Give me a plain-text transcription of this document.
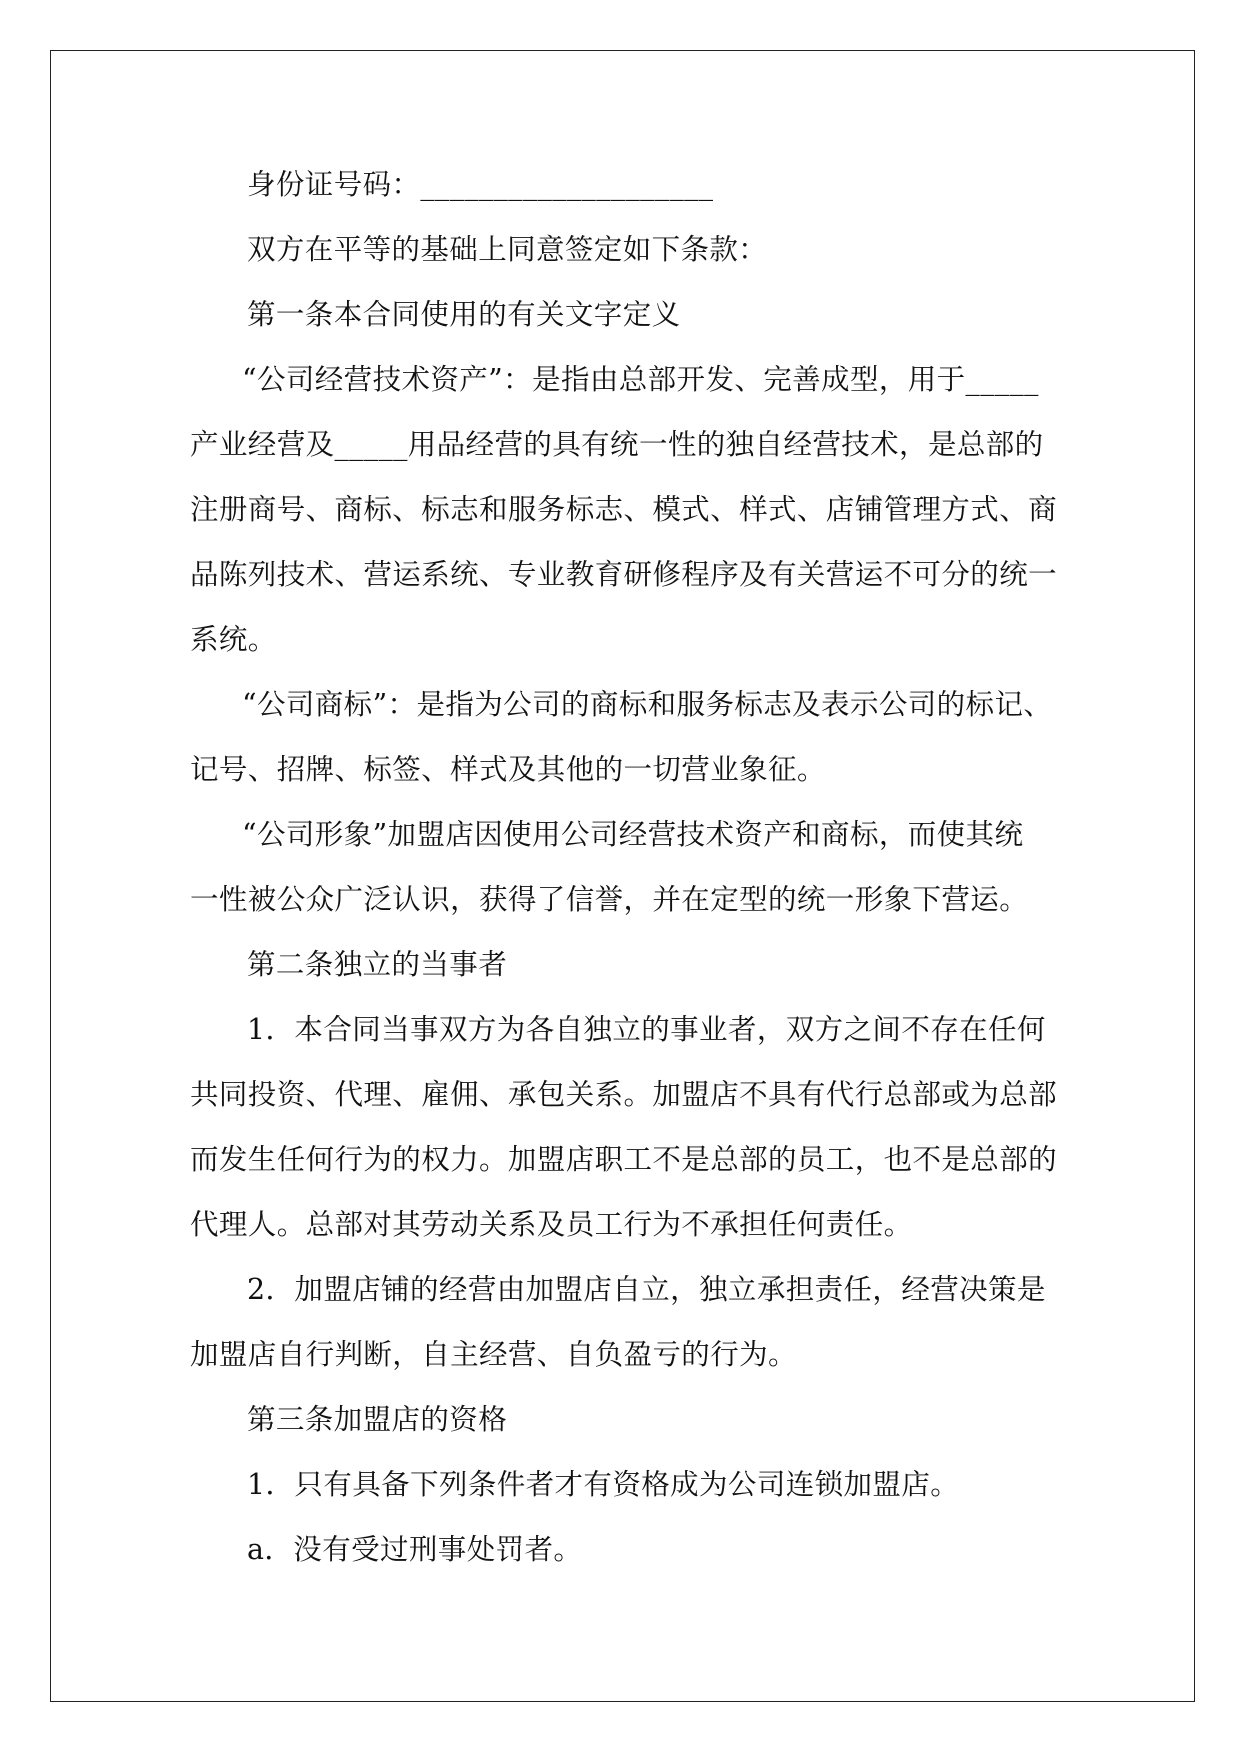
身份证号码：____________________
双方在平等的基础上同意签定如下条款：
第一条本合同使用的有关文字定义
“公司经营技术资产”：是指由总部开发、完善成型，用于_____
产业经营及_____用品经营的具有统一性的独自经营技术，是总部的
注册商号、商标、标志和服务标志、模式、样式、店铺管理方式、商
品陈列技术、营运系统、专业教育研修程序及有关营运不可分的统一
系统。
“公司商标”：是指为公司的商标和服务标志及表示公司的标记、
记号、招牌、标签、样式及其他的一切营业象征。
“公司形象”加盟店因使用公司经营技术资产和商标，而使其统
一性被公众广泛认识，获得了信誉，并在定型的统一形象下营运。
第二条独立的当事者
1．本合同当事双方为各自独立的事业者，双方之间不存在任何
共同投资、代理、雇佣、承包关系。加盟店不具有代行总部或为总部
而发生任何行为的权力。加盟店职工不是总部的员工，也不是总部的
代理人。总部对其劳动关系及员工行为不承担任何责任。
2．加盟店铺的经营由加盟店自立，独立承担责任，经营决策是
加盟店自行判断，自主经营、自负盈亏的行为。
第三条加盟店的资格
1．只有具备下列条件者才有资格成为公司连锁加盟店。
a．没有受过刑事处罚者。
